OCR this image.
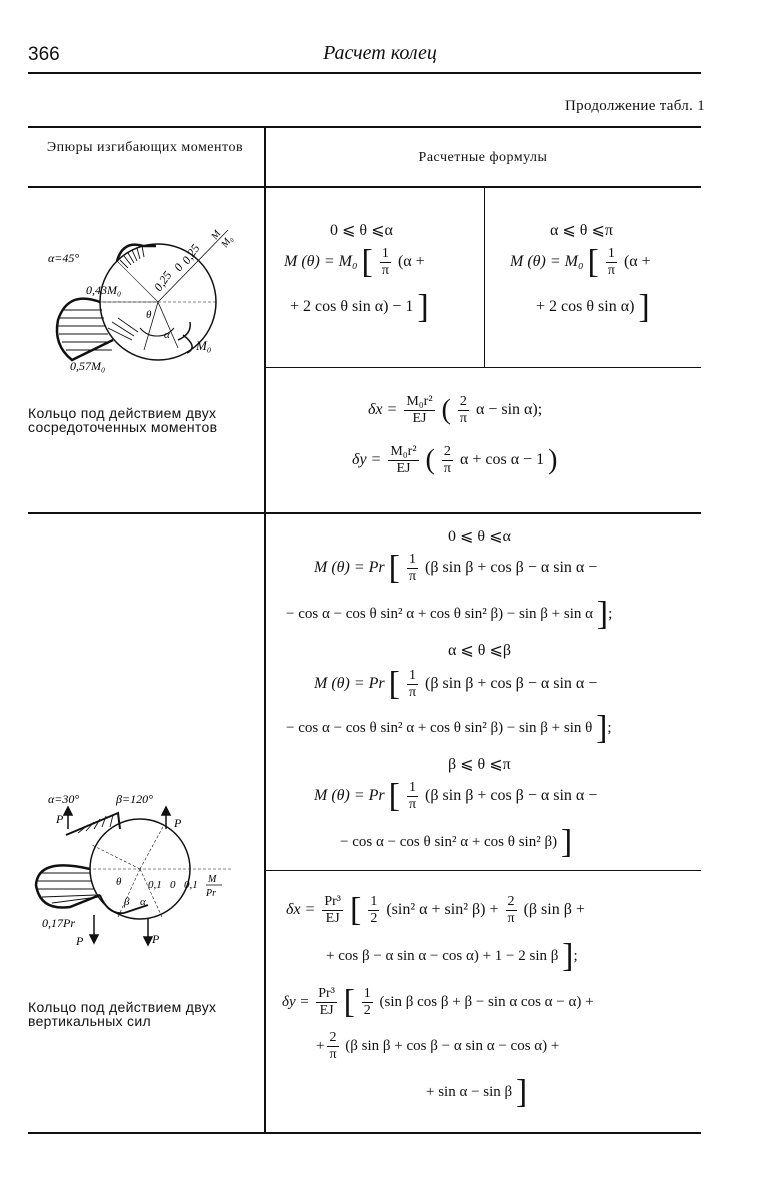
366	Расчет колец
Продолжение табл. 1
Эпюры изгибающих моментов
Расчетные формулы
α=45°
0,43M₀
0,57M₀
0,25
0
0,25
M
M₀
M₀
θ
α
Кольцо под действием двух
сосредоточенных моментов
0 ⩽ θ ⩽α
M (θ) = M₀ [ $\frac{1}{\pi} (\alpha$ +
+ 2 cos θ sin α) − 1 ]
α ⩽ θ ⩽π
M (θ) = M₀ [ $\frac{1}{\pi} (\alpha$ +
+ 2 cos θ sin α) ]
$\delta x = \frac{\text{M₀r²}}{EJ}$ ( $\frac{2}{\pi}$ α − sin α);
$\delta y = \frac{\text{M₀r²}}{EJ}$ ( $\frac{2}{\pi}$ α + cos α − 1 )
α=30°	β=120°
P	P
P	P
0,17Pr
0,1 0 0,1 M
Pr
θ
β α
Кольцо под действием двух
вертикальных сил
0 ⩽ θ ⩽α
M (θ) = Pr [ $\frac{1}{\pi} (\beta$ sin β + cos β − α sin α −
− cos α − cos θ sin² α + cos θ sin² β) − sin β + sin α ];
α ⩽ θ ⩽β
M (θ) = Pr [ $\frac{1}{\pi} (\beta$ sin β + cos β − α sin α −
− cos α − cos θ sin² α + cos θ sin² β) − sin β + sin θ ];
β ⩽ θ ⩽π
M (θ) = Pr [ $\frac{1}{\pi} (\beta$ sin β + cos β − α sin α −
− cos α − cos θ sin² α + cos θ sin² β) ]
$\delta x = \frac{\text{Pr³}}{EJ}$ [ $\frac{1}{2} (\sin^2$ α + sin² $\beta) + \frac{2}{\pi} (\beta$ sin β +
+ cos β − α sin α − cos α) + 1 − 2 sin β ];
$\delta y = \frac{\text{Pr³}}{EJ}$ [ $\frac{1}{2} (\sin$ β cos β + β − sin α cos α − α) +
+ $\frac{2}{\pi} (\beta$ sin β + cos β − α sin α − cos α) +
+ sin α − sin β ]
